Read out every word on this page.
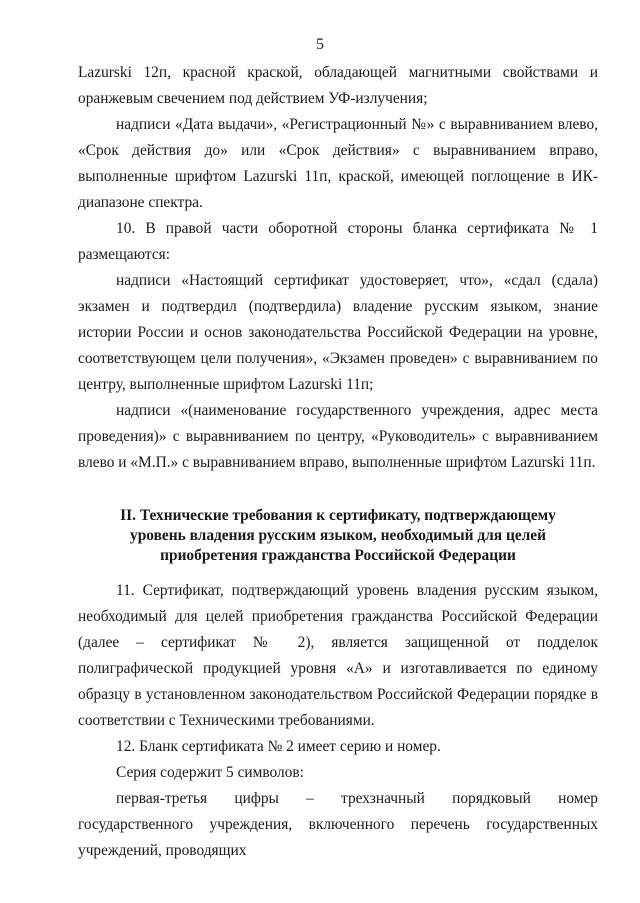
5

Lazurski 12п, красной краской, обладающей магнитными свойствами и оранжевым свечением под действием УФ-излучения;

надписи «Дата выдачи», «Регистрационный №» с выравниванием влево, «Срок действия до» или «Срок действия» с выравниванием вправо, выполненные шрифтом Lazurski 11п, краской, имеющей поглощение в ИК-диапазоне спектра.

10. В правой части оборотной стороны бланка сертификата № 1 размещаются:

надписи «Настоящий сертификат удостоверяет, что», «сдал (сдала) экзамен и подтвердил (подтвердила) владение русским языком, знание истории России и основ законодательства Российской Федерации на уровне, соответствующем цели получения», «Экзамен проведен» с выравниванием по центру, выполненные шрифтом Lazurski 11п;

надписи «(наименование государственного учреждения, адрес места проведения)» с выравниванием по центру, «Руководитель» с выравниванием влево и «М.П.» с выравниванием вправо, выполненные шрифтом Lazurski 11п.

II. Технические требования к сертификату, подтверждающему
уровень владения русским языком, необходимый для целей
приобретения гражданства Российской Федерации

11. Сертификат, подтверждающий уровень владения русским языком, необходимый для целей приобретения гражданства Российской Федерации (далее – сертификат № 2), является защищенной от подделок полиграфической продукцией уровня «А» и изготавливается по единому образцу в установленном законодательством Российской Федерации порядке в соответствии с Техническими требованиями.

12. Бланк сертификата № 2 имеет серию и номер.

Серия содержит 5 символов:

первая-третья цифры – трехзначный порядковый номер государственного учреждения, включенного перечень государственных учреждений, проводящих
